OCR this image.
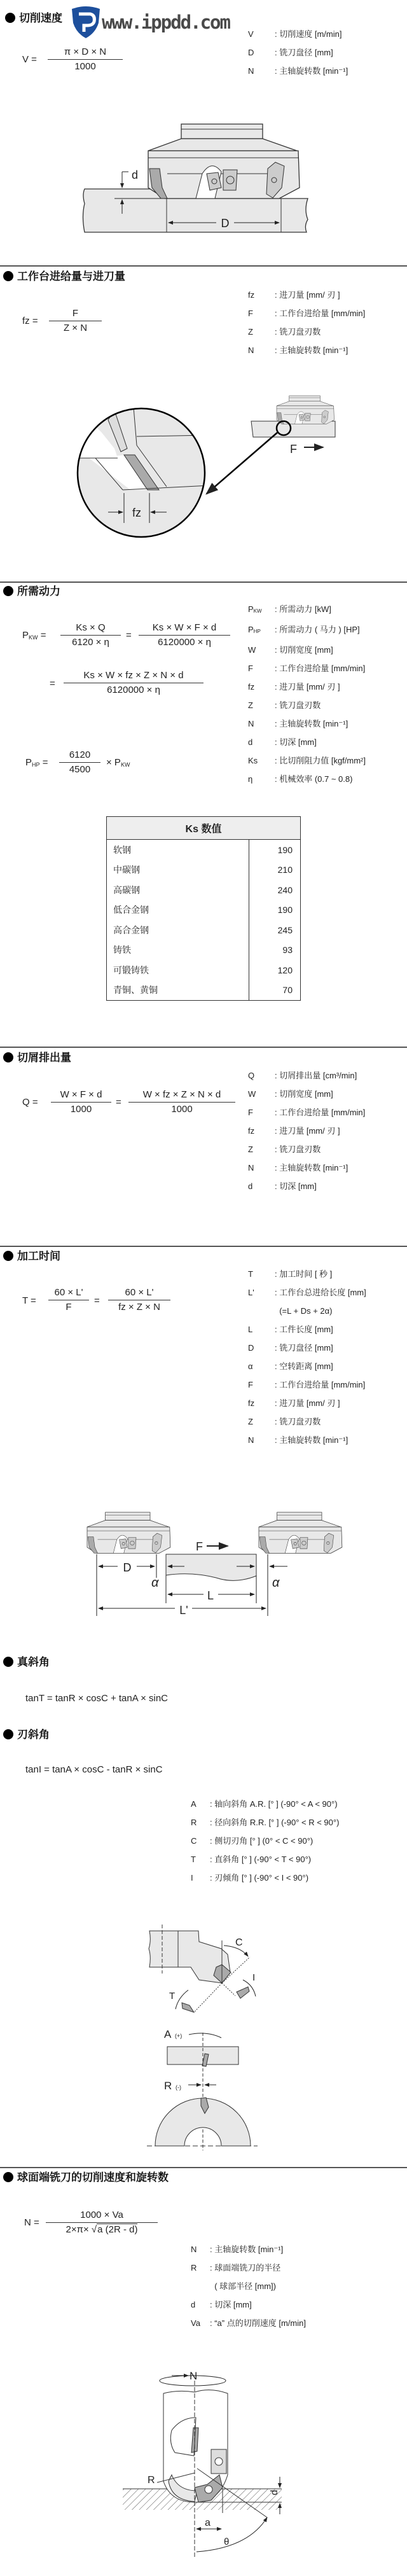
切削速度 www.ippdd.com
V =
π × D × N
1000
V	: 切削速度 [m/min]
D	: 铣刀盘径 [mm]
N	: 主轴旋转数 [min⁻¹]
D
d
工作台进给量与进刀量
fz =
F
Z × N
fz : 进刀量 [mm/ 刃 ]
F	: 工作台进给量 [mm/min]
Z	: 铣刀盘刃数
N	: 主轴旋转数 [min⁻¹]
fz
F
所需动力
$P_{KW}$ =
Ks × Q
6120 × η
=
Ks × W × F × d
6120000 × η
=
Ks × W × fz × Z × N × d
6120000 × η
$P_{HP}$ =
6120
4500
× $P_{KW}$
$P_{KW}$ : 所需动力 [kW]
$P_{HP}$ : 所需动力 ( 马力 ) [HP]
W : 切削宽度 [mm]
F	: 工作台进给量 [mm/min]
fz : 进刀量 [mm/ 刃 ]
Z	: 铣刀盘刃数
N	: 主轴旋转数 [min⁻¹]
d	: 切深 [mm]
Ks : 比切削阻力值 [kgf/mm²]
η	: 机械效率 (0.7 ~ 0.8)
Ks 数值	
软钢	190
中碳钢	210
高碳钢	240
低合金钢	190
高合金钢	245
铸铁	93
可锻铸铁	120
青铜、黄铜	70
切屑排出量
Q =
W × F × d
1000
=
W × fz × Z × N × d
1000
Q : 切屑排出量 [cm³/min]
W : 切削宽度 [mm]
F	: 工作台进给量 [mm/min]
fz : 进刀量 [mm/ 刃 ]
Z	: 铣刀盘刃数
N	: 主轴旋转数 [min⁻¹]
d	: 切深 [mm]
加工时间
T =
60 × L'
F
=
60 × L'
fz × Z × N
T	: 加工时间 [ 秒 ]
L' : 工作台总进给长度 [mm]
(=L + Ds + 2α)
L	: 工件长度 [mm]
D	: 铣刀盘径 [mm]
α	: 空转距离 [mm]
F	: 工作台进给量 [mm/min]
fz : 进刀量 [mm/ 刃 ]
Z	: 铣刀盘刃数
N	: 主轴旋转数 [min⁻¹]
F
D
α	α
L
L'
真斜角
tanT = tanR × cosC + tanA × sinC
刃斜角
tanI = tanA × cosC - tanR × sinC
A : 轴向斜角 A.R. [° ] (-90° < A < 90°)
R : 径向斜角 R.R. [° ] (-90° < R < 90°)
C : 侧切刃角 [° ] (0° < C < 90°)
T : 直斜角 [° ] (-90° < T < 90°)
I : 刃倾角 [° ] (-90° < I < 90°)
C
I
T
A (+)
R (-)
球面端铣刀的切削速度和旋转数
N =
1000 × Va
2×π× √a (2R - d)
N : 主轴旋转数 [min⁻¹]
R : 球面端铣刀的半径
( 球部半径 [mm])
d : 切深 [mm]
Va : “a” 点的切削速度 [m/min]
N
R
d
a
θ
